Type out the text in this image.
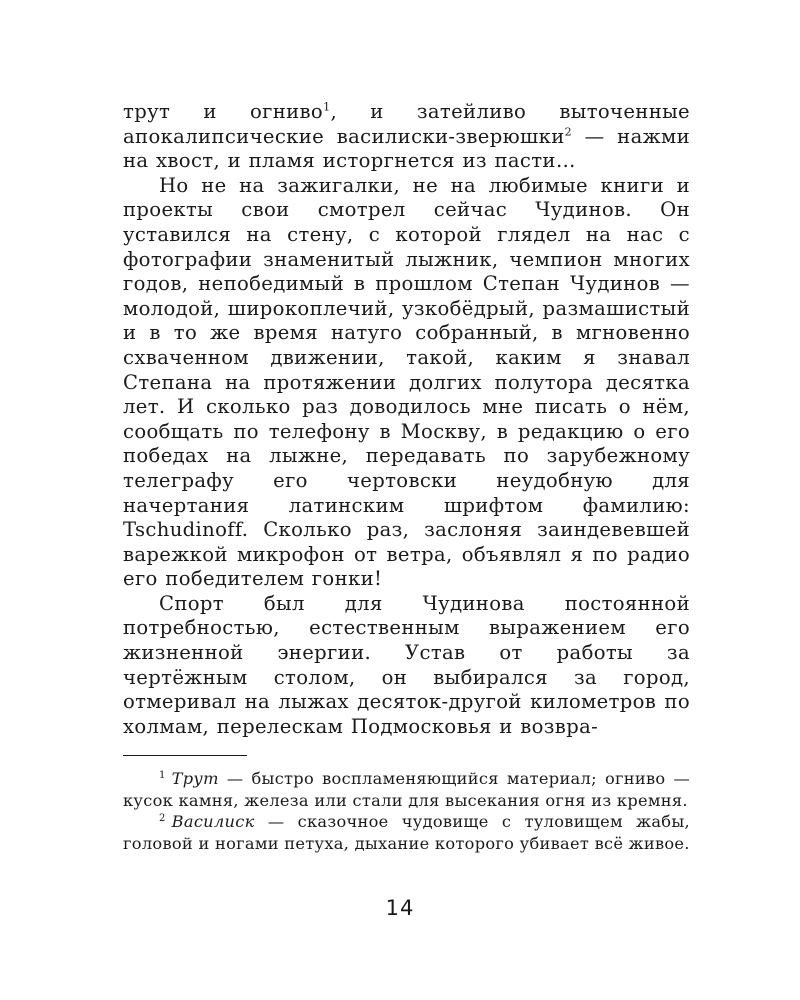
трут и огниво$^1$, и затейливо выточенные апокалипсические василиски-зверюшки$^2$ — нажми на хвост, и пламя исторгнется из пасти…

Но не на зажигалки, не на любимые книги и проекты свои смотрел сейчас Чудинов. Он уставился на стену, с которой глядел на нас с фотографии знаменитый лыжник, чемпион многих годов, непобедимый в прошлом Степан Чудинов — молодой, широкоплечий, узкобёдрый, размашистый и в то же время натуго собранный, в мгновенно схваченном движении, такой, каким я знавал Степана на протяжении долгих полутора десятка лет. И сколько раз доводилось мне писать о нём, сообщать по телефону в Москву, в редакцию о его победах на лыжне, передавать по зарубежному телеграфу его чертовски неудобную для начертания латинским шрифтом фамилию: Tschudinoff. Сколько раз, заслоняя заиндевевшей варежкой микрофон от ветра, объявлял я по радио его победителем гонки!

Спорт был для Чудинова постоянной потребностью, естественным выражением его жизненной энергии. Устав от работы за чертёжным столом, он выбирался за город, отмеривал на лыжах десяток-другой километров по холмам, перелескам Подмосковья и возвра-

$^1$ Трут — быстро воспламеняющийся материал; огниво — кусок камня, железа или стали для высекания огня из кремня.

$^2$ Василиск — сказочное чудовище с туловищем жабы, головой и ногами петуха, дыхание которого убивает всё живое.

14
